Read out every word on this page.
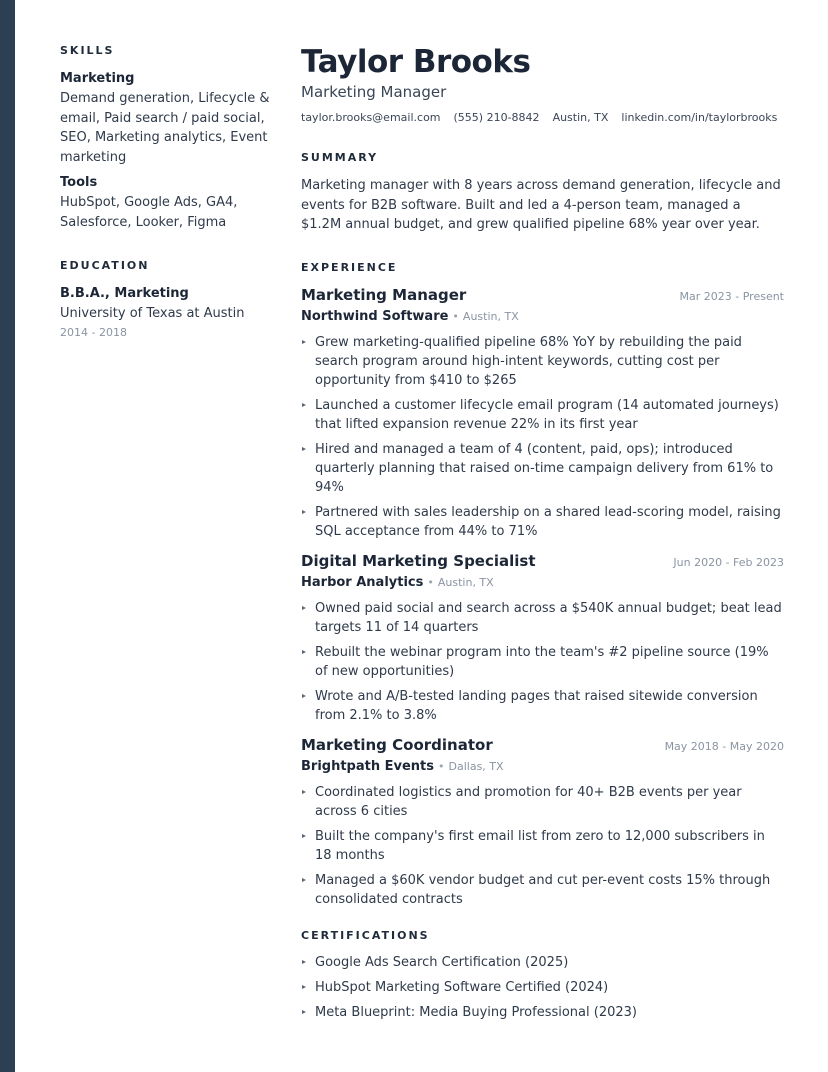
SKILLS
Marketing
Demand generation, Lifecycle & email, Paid search / paid social, SEO, Marketing analytics, Event marketing
Tools
HubSpot, Google Ads, GA4, Salesforce, Looker, Figma
EDUCATION
B.B.A., Marketing
University of Texas at Austin
2014 - 2018
Taylor Brooks
Marketing Manager
taylor.brooks@email.com (555) 210-8842 Austin, TX linkedin.com/in/taylorbrooks
SUMMARY

Marketing manager with 8 years across demand generation, lifecycle and events for B2B software. Built and led a 4-person team, managed a $1.2M annual budget, and grew qualified pipeline 68% year over year.

EXPERIENCE
Marketing Manager	Mar 2023 - Present
Northwind Software • Austin, TX
Grew marketing-qualified pipeline 68% YoY by rebuilding the paid search program around high-intent keywords, cutting cost per opportunity from $410 to $265
Launched a customer lifecycle email program (14 automated journeys) that lifted expansion revenue 22% in its first year
Hired and managed a team of 4 (content, paid, ops); introduced quarterly planning that raised on-time campaign delivery from 61% to 94%
Partnered with sales leadership on a shared lead-scoring model, raising SQL acceptance from 44% to 71%
Digital Marketing Specialist	Jun 2020 - Feb 2023
Harbor Analytics • Austin, TX
Owned paid social and search across a $540K annual budget; beat lead targets 11 of 14 quarters
Rebuilt the webinar program into the team's #2 pipeline source (19% of new opportunities)
Wrote and A/B-tested landing pages that raised sitewide conversion from 2.1% to 3.8%
Marketing Coordinator	May 2018 - May 2020
Brightpath Events • Dallas, TX
Coordinated logistics and promotion for 40+ B2B events per year across 6 cities
Built the company's first email list from zero to 12,000 subscribers in 18 months
Managed a $60K vendor budget and cut per-event costs 15% through consolidated contracts
CERTIFICATIONS
Google Ads Search Certification (2025)
HubSpot Marketing Software Certified (2024)
Meta Blueprint: Media Buying Professional (2023)
